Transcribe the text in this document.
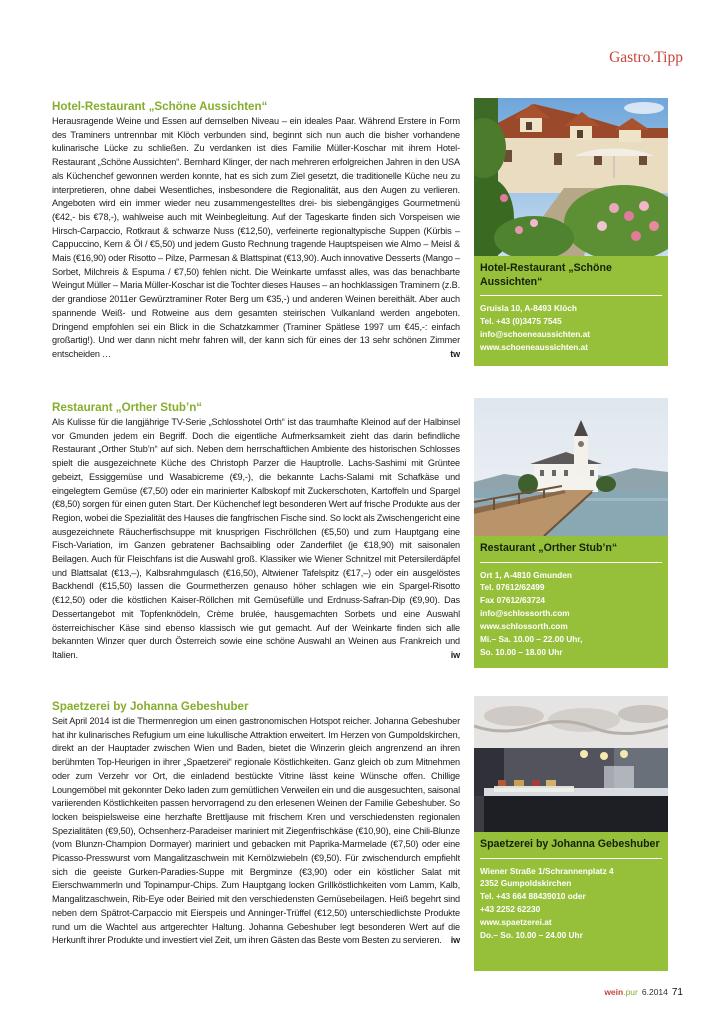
Gastro.Tipp
Hotel-Restaurant „Schöne Aussichten“

tw
Herausragende Weine und Essen auf demselben Niveau – ein ideales Paar. Während Erstere in Form des Traminers untrennbar mit Klöch verbunden sind, beginnt sich nun auch die bisher vorhandene kulinarische Lücke zu schließen. Zu verdanken ist dies Familie Müller-Koschar mit ihrem Hotel-Restaurant „Schöne Aussichten“. Bernhard Klinger, der nach mehreren erfolgreichen Jahren in den USA als Küchenchef gewonnen werden konnte, hat es sich zum Ziel gesetzt, die traditionelle Küche neu zu interpretieren, ohne dabei Wesentliches, insbesondere die Regionalität, aus den Augen zu verlieren. Angeboten wird ein immer wieder neu zusammengestelltes drei- bis siebengängiges Gourmetmenü (€42,- bis €78,-), wahlweise auch mit Weinbegleitung. Auf der Tageskarte finden sich Vorspeisen wie Hirsch-Carpaccio, Rotkraut & schwarze Nuss (€12,50), verfeinerte regionaltypische Suppen (Kürbis – Cappuccino, Kern & Öl / €5,50) und jedem Gusto Rechnung tragende Hauptspeisen wie Almo – Meisl & Mais (€16,90) oder Risotto – Pilze, Parmesan & Blattspinat (€13,90). Auch innovative Desserts (Mango – Sorbet, Milchreis & Espuma / €7,50) fehlen nicht. Die Weinkarte umfasst alles, was das benachbarte Weingut Müller – Maria Müller-Koschar ist die Tochter dieses Hauses – an hochklassigen Traminern (z.B. der grandiose 2011er Gewürztraminer Roter Berg um €35,-) und anderen Weinen bereithält. Aber auch spannende Weiß- und Rotweine aus dem gesamten steirischen Vulkanland werden angeboten. Dringend empfohlen sei ein Blick in die Schatzkammer (Traminer Spätlese 1997 um €45,-: einfach großartig!). Und wer dann nicht mehr fahren will, der kann sich für eines der 13 sehr schönen Zimmer entscheiden …

Restaurant „Orther Stub’n“

iw
Als Kulisse für die langjährige TV-Serie „Schlosshotel Orth“ ist das traumhafte Kleinod auf der Halbinsel vor Gmunden jedem ein Begriff. Doch die eigentliche Aufmerksamkeit zieht das darin befindliche Restaurant „Orther Stub’n“ auf sich. Neben dem herrschaftlichen Ambiente des historischen Schlosses spielt die ausgezeichnete Küche des Christoph Parzer die Hauptrolle. Lachs-Sashimi mit Grüntee gebeizt, Essiggemüse und Wasabicreme (€9,-), die bekannte Lachs-Salami mit Schafkäse und eingelegtem Gemüse (€7,50) oder ein marinierter Kalbskopf mit Zuckerschoten, Kartoffeln und Spargel (€8,50) sorgen für einen guten Start. Der Küchenchef legt besonderen Wert auf frische Produkte aus der Region, wobei die Spezialität des Hauses die fangfrischen Fische sind. So lockt als Zwischengericht eine ausgezeichnete Räucherfischsuppe mit knusprigen Fischröllchen (€5,50) und zum Hauptgang eine Fisch-Variation, im Ganzen gebratener Bachsaibling oder Zanderfilet (je €18,90) mit saisonalen Beilagen. Auch für Fleischfans ist die Auswahl groß. Klassiker wie Wiener Schnitzel mit Petersilerdäpfel und Blattsalat (€13,–), Kalbsrahmgulasch (€16,50), Altwiener Tafelspitz (€17,–) oder ein ausgelöstes Backhendl (€15,50) lassen die Gourmetherzen genauso höher schlagen wie ein Spargel-Risotto (€12,50) oder die köstlichen Kaiser-Röllchen mit Gemüsefülle und Erdnuss-Safran-Dip (€9,90). Das Dessertangebot mit Topfenknödeln, Crème brulée, hausgemachten Sorbets und eine Auswahl österreichischer Käse sind ebenso klassisch wie gut gemacht. Auf der Weinkarte finden sich alle bekannten Winzer quer durch Österreich sowie eine schöne Auswahl an Weinen aus Frankreich und Italien.

Spaetzerei by Johanna Gebeshuber

iw
Seit April 2014 ist die Thermenregion um einen gastronomischen Hotspot reicher. Johanna Gebeshuber hat ihr kulinarisches Refugium um eine lukullische Attraktion erweitert. Im Herzen von Gumpoldskirchen, direkt an der Hauptader zwischen Wien und Baden, bietet die Winzerin gleich angrenzend an ihren berühmten Top-Heurigen in ihrer „Spaetzerei“ regionale Köstlichkeiten. Ganz gleich ob zum Mitnehmen oder zum Verzehr vor Ort, die einladend bestückte Vitrine lässt keine Wünsche offen. Chillige Loungemöbel mit gekonnter Deko laden zum gemütlichen Verweilen ein und die ausgesuchten, saisonal variierenden Köstlichkeiten passen hervorragend zu den erlesenen Weinen der Familie Gebeshuber. So locken beispielsweise eine herzhafte Brettljause mit frischem Kren und verschiedensten regionalen Spezialitäten (€9,50), Ochsenherz-Paradeiser mariniert mit Ziegenfrischkäse (€10,90), eine Chili-Blunze (vom Blunzn-Champion Dormayer) mariniert und gebacken mit Paprika-Marmelade (€7,50) oder eine Picasso-Presswurst vom Mangalitzaschwein mit Kernölzwiebeln (€9,50). Für zwischendurch empfiehlt sich die geeiste Gurken-Paradies-Suppe mit Bergminze (€3,90) oder ein köstlicher Salat mit Eierschwammerln und Topinampur-Chips. Zum Hauptgang locken Grillköstlichkeiten vom Lamm, Kalb, Mangalitzaschwein, Rib-Eye oder Beiried mit den verschiedensten Gemüsebeilagen. Heiß begehrt sind neben dem Spätrot-Carpaccio mit Eierspeis und Anninger-Trüffel (€12,50) unterschiedlichste Produkte rund um die Wachtel aus artgerechter Haltung. Johanna Gebeshuber legt besonderen Wert auf die Herkunft ihrer Produkte und investiert viel Zeit, um ihren Gästen das Beste vom Besten zu servieren.

Hotel-Restaurant „Schöne Aussichten“
Gruisla 10, A-8493 Klöch
Tel. +43 (0)3475 7545
info@schoeneaussichten.at
www.schoeneaussichten.at
Restaurant „Orther Stub’n“
Ort 1, A-4810 Gmunden
Tel. 07612/62499
Fax 07612/63724
info@schlossorth.com
www.schlossorth.com
Mi.– Sa. 10.00 – 22.00 Uhr,
So. 10.00 – 18.00 Uhr
Spaetzerei by Johanna Gebeshuber
Wiener Straße 1/Schrannenplatz 4
2352 Gumpoldskirchen
Tel. +43 664 88439010 oder
+43 2252 62230
www.spaetzerei.at
Do.– So. 10.00 – 24.00 Uhr
wein.pur 6.2014 71
